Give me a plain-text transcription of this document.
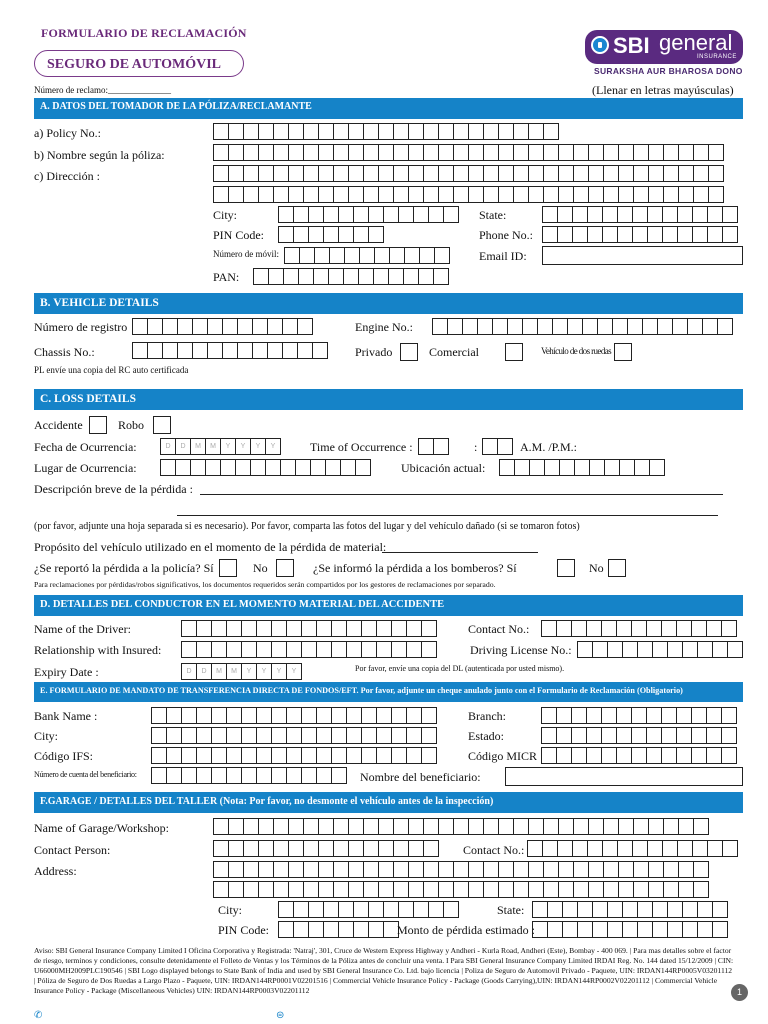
FORMULARIO DE RECLAMACIÓN
SEGURO DE AUTOMÓVIL
SBI general
INSURANCE
SURAKSHA AUR BHAROSA DONO
Número de reclamo:______________	(Llenar en letras mayúsculas)
A. DATOS DEL TOMADOR DE LA PÓLIZA/RECLAMANTE
a) Policy No.:
b) Nombre según la póliza:
c) Dirección :
City:	State:
PIN Code:	Phone No.:
Número de móvil:	Email ID:
PAN:
B. VEHICLE DETAILS
Número de registro	Engine No.:
Chassis No.:	Privado	Comercial	Vehículo de dos ruedas
PL envíe una copia del RC auto certificada
C. LOSS DETAILS
Accidente	Robo
Fecha de Ocurrencia:	D	D	M	M	Y	Y	Y	Y	Time of Occurrence :	:	A.M. /P.M.:
Lugar de Ocurrencia:	Ubicación actual:
Descripción breve de la pérdida :
(por favor, adjunte una hoja separada si es necesario). Por favor, comparta las fotos del lugar y del vehículo dañado (si se tomaron fotos)
Propósito del vehículo utilizado en el momento de la pérdida de material:
¿Se reportó la pérdida a la policía? Sí	No	¿Se informó la pérdida a los bomberos? Sí	No
Para reclamaciones por pérdidas/robos significativos, los documentos requeridos serán compartidos por los gestores de reclamaciones por separado.
D. DETALLES DEL CONDUCTOR EN EL MOMENTO MATERIAL DEL ACCIDENTE
Name of the Driver:	Contact No.:
Relationship with Insured:	Driving License No.:
Expiry Date :	D	D	M	M	Y	Y	Y	Y	Por favor, envíe una copia del DL (autenticada por usted mismo).
E. FORMULARIO DE MANDATO DE TRANSFERENCIA DIRECTA DE FONDOS/EFT. Por favor, adjunte un cheque anulado junto con el Formulario de Reclamación (Obligatorio)
Bank Name :	Branch:
City:	Estado:
Código IFS:	Código MICR
Número de cuenta del beneficiario:	Nombre del beneficiario:
F.GARAGE / DETALLES DEL TALLER (Nota: Por favor, no desmonte el vehículo antes de la inspección)
Name of Garage/Workshop:
Contact Person:	Contact No.:
Address:
City:	State:
PIN Code:	Monto de pérdida estimado :
Aviso: SBI General Insurance Company Limited I Oficina Corporativa y Registrada: 'Natraj', 301, Cruce de Western Express Highway y Andheri - Kurla Road, Andheri (Este), Bombay - 400 069. | Para mas detalles sobre el factor de riesgo, terminos y condiciones, consulte detenidamente el Folleto de Ventas y los Términos de la Póliza antes de concluir una venta. I Para SBI General Insurance Company Limited IRDAI Reg. No. 144 dated 15/12/2009 | CIN: U66000MH2009PLC190546 | SBI Logo displayed belongs to State Bank of India and used by SBI General Insurance Co. Ltd. bajo licencia | Poliza de Seguro de Automovil Privado - Paquete, UIN: IRDAN144RP0005V03201112 | Póliza de Seguro de Dos Ruedas a Largo Plazo - Paquete, UIN: IRDAN144RP0001V02201516 | Commercial Vehicle Insurance Policy - Package (Goods Carrying),UIN: IRDAN144RP0002V02201112 | Commercial Vehicle Insurance Policy - Package (Miscellaneous Vehicles) UIN: IRDAN144RP0003V02201112	1
✆	⊜
